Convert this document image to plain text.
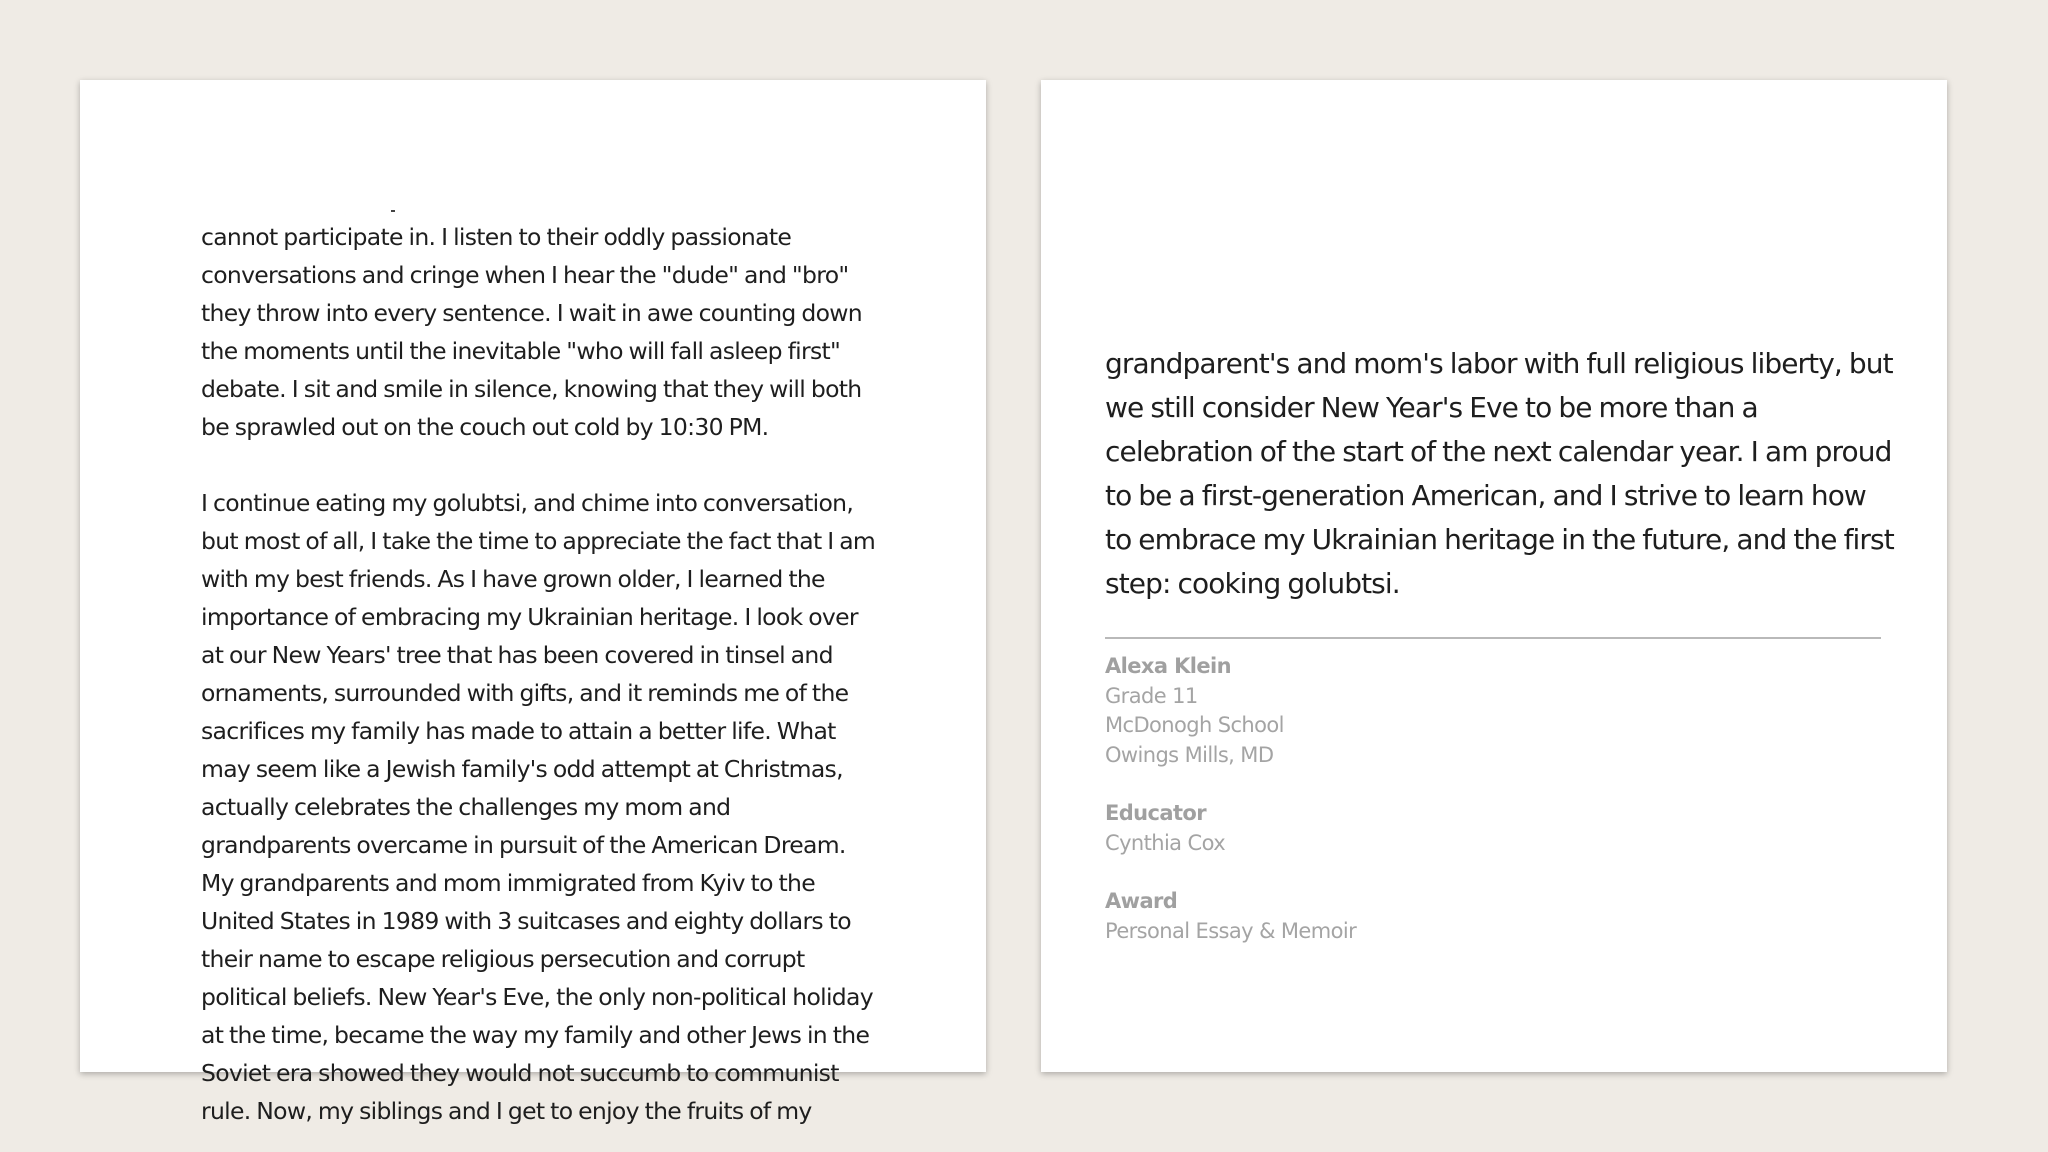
cannot participate in. I listen to their oddly passionate conversations and cringe when I hear the "dude" and "bro" they throw into every sentence. I wait in awe counting down the moments until the inevitable "who will fall asleep first" debate. I sit and smile in silence, knowing that they will both be sprawled out on the couch out cold by 10:30 PM.

I continue eating my golubtsi, and chime into conversation, but most of all, I take the time to appreciate the fact that I am with my best friends. As I have grown older, I learned the importance of embracing my Ukrainian heritage. I look over at our New Years' tree that has been covered in tinsel and ornaments, surrounded with gifts, and it reminds me of the sacrifices my family has made to attain a better life. What may seem like a Jewish family's odd attempt at Christmas, actually celebrates the challenges my mom and grandparents overcame in pursuit of the American Dream. My grandparents and mom immigrated from Kyiv to the United States in 1989 with 3 suitcases and eighty dollars to their name to escape religious persecution and corrupt political beliefs. New Year's Eve, the only non-political holiday at the time, became the way my family and other Jews in the Soviet era showed they would not succumb to communist rule. Now, my siblings and I get to enjoy the fruits of my

grandparent's and mom's labor with full religious liberty, but we still consider New Year's Eve to be more than a celebration of the start of the next calendar year. I am proud to be a first-generation American, and I strive to learn how to embrace my Ukrainian heritage in the future, and the first step: cooking golubtsi.

Alexa Klein
Grade 11
McDonogh School
Owings Mills, MD
Educator
Cynthia Cox
Award
Personal Essay & Memoir
